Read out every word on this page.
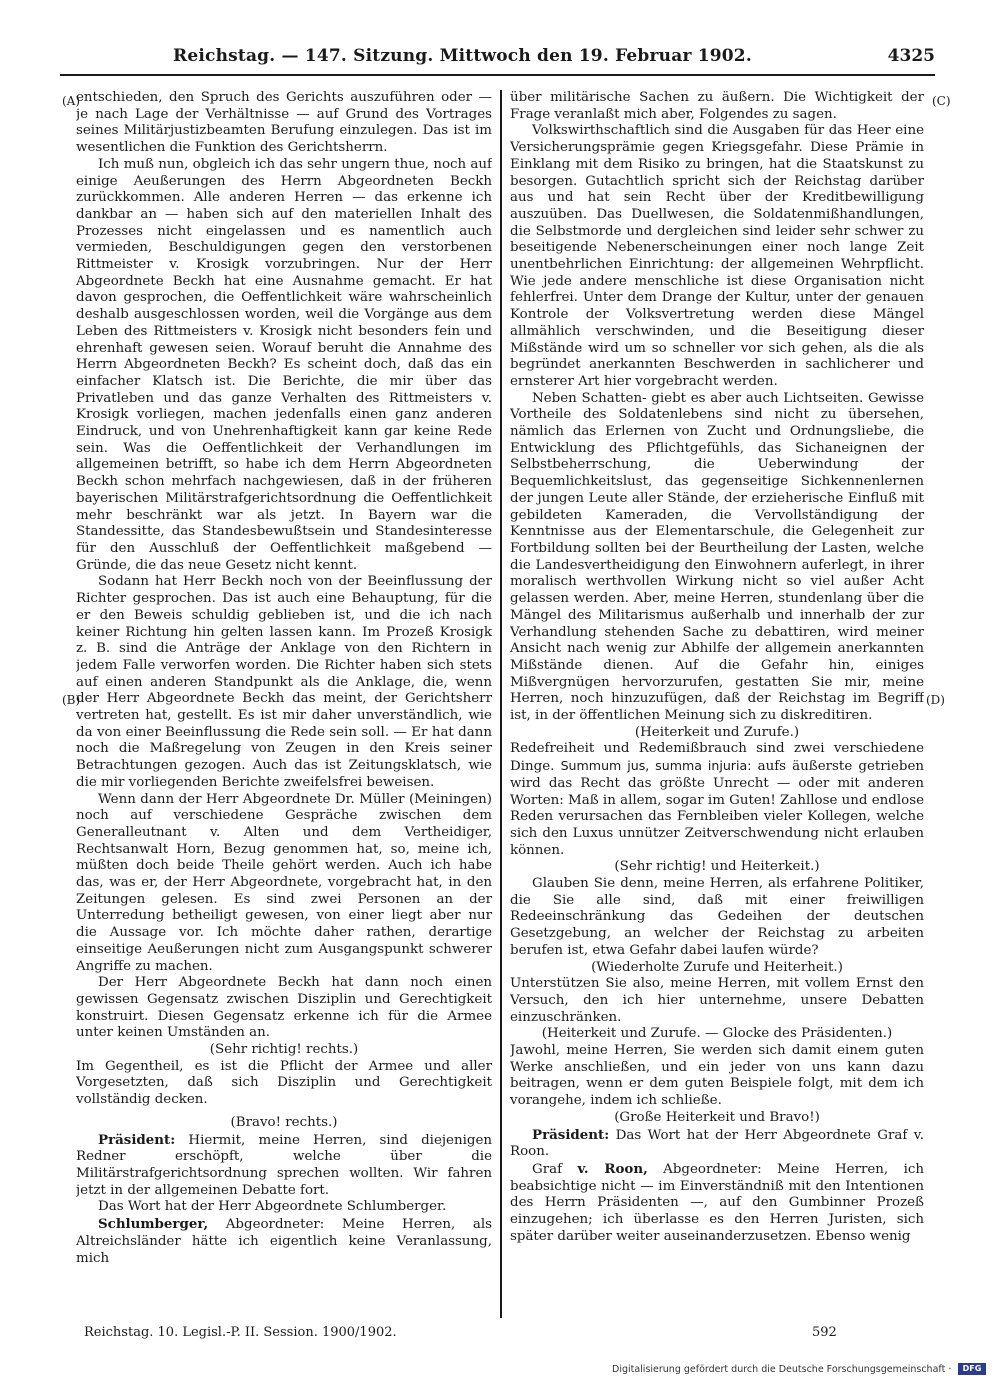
Reichstag. — 147. Sitzung. Mittwoch den 19. Februar 1902.	4325
(A)
(B)
(C)
(D)

entschieden, den Spruch des Gerichts auszuführen oder — je nach Lage der Verhältnisse — auf Grund des Vortrages seines Militärjustizbeamten Berufung einzulegen. Das ist im wesentlichen die Funktion des Gerichtsherrn.

Ich muß nun, obgleich ich das sehr ungern thue, noch auf einige Aeußerungen des Herrn Abgeordneten Beckh zurückkommen. Alle anderen Herren — das erkenne ich dankbar an — haben sich auf den materiellen Inhalt des Prozesses nicht eingelassen und es namentlich auch vermieden, Beschuldigungen gegen den verstorbenen Rittmeister v. Krosigk vorzubringen. Nur der Herr Abgeordnete Beckh hat eine Ausnahme gemacht. Er hat davon gesprochen, die Oeffentlichkeit wäre wahrscheinlich deshalb ausgeschlossen worden, weil die Vorgänge aus dem Leben des Rittmeisters v. Krosigk nicht besonders fein und ehrenhaft gewesen seien. Worauf beruht die Annahme des Herrn Abgeordneten Beckh? Es scheint doch, daß das ein einfacher Klatsch ist. Die Berichte, die mir über das Privatleben und das ganze Verhalten des Rittmeisters v. Krosigk vorliegen, machen jedenfalls einen ganz anderen Eindruck, und von Unehrenhaftigkeit kann gar keine Rede sein. Was die Oeffentlichkeit der Verhandlungen im allgemeinen betrifft, so habe ich dem Herrn Abgeordneten Beckh schon mehrfach nachgewiesen, daß in der früheren bayerischen Militärstrafgerichtsordnung die Oeffentlichkeit mehr beschränkt war als jetzt. In Bayern war die Standessitte, das Standesbewußtsein und Standesinteresse für den Ausschluß der Oeffentlichkeit maßgebend — Gründe, die das neue Gesetz nicht kennt.

Sodann hat Herr Beckh noch von der Beeinflussung der Richter gesprochen. Das ist auch eine Behauptung, für die er den Beweis schuldig geblieben ist, und die ich nach keiner Richtung hin gelten lassen kann. Im Prozeß Krosigk z. B. sind die Anträge der Anklage von den Richtern in jedem Falle verworfen worden. Die Richter haben sich stets auf einen anderen Standpunkt als die Anklage, die, wenn der Herr Abgeordnete Beckh das meint, der Gerichtsherr vertreten hat, gestellt. Es ist mir daher unverständlich, wie da von einer Beeinflussung die Rede sein soll. — Er hat dann noch die Maßregelung von Zeugen in den Kreis seiner Betrachtungen gezogen. Auch das ist Zeitungsklatsch, wie die mir vorliegenden Berichte zweifelsfrei beweisen.

Wenn dann der Herr Abgeordnete Dr. Müller (Meiningen) noch auf verschiedene Gespräche zwischen dem Generalleutnant v. Alten und dem Vertheidiger, Rechtsanwalt Horn, Bezug genommen hat, so, meine ich, müßten doch beide Theile gehört werden. Auch ich habe das, was er, der Herr Abgeordnete, vorgebracht hat, in den Zeitungen gelesen. Es sind zwei Personen an der Unterredung betheiligt gewesen, von einer liegt aber nur die Aussage vor. Ich möchte daher rathen, derartige einseitige Aeußerungen nicht zum Ausgangspunkt schwerer Angriffe zu machen.

Der Herr Abgeordnete Beckh hat dann noch einen gewissen Gegensatz zwischen Disziplin und Gerechtigkeit konstruirt. Diesen Gegensatz erkenne ich für die Armee unter keinen Umständen an.

(Sehr richtig! rechts.)

Im Gegentheil, es ist die Pflicht der Armee und aller Vorgesetzten, daß sich Disziplin und Gerechtigkeit vollständig decken.

(Bravo! rechts.)

Präsident: Hiermit, meine Herren, sind diejenigen Redner erschöpft, welche über die Militärstrafgerichtsordnung sprechen wollten. Wir fahren jetzt in der allgemeinen Debatte fort.

Das Wort hat der Herr Abgeordnete Schlumberger.

Schlumberger, Abgeordneter: Meine Herren, als Altreichsländer hätte ich eigentlich keine Veranlassung, mich

über militärische Sachen zu äußern. Die Wichtigkeit der Frage veranlaßt mich aber, Folgendes zu sagen.

Volkswirthschaftlich sind die Ausgaben für das Heer eine Versicherungsprämie gegen Kriegsgefahr. Diese Prämie in Einklang mit dem Risiko zu bringen, hat die Staatskunst zu besorgen. Gutachtlich spricht sich der Reichstag darüber aus und hat sein Recht über der Kreditbewilligung auszuüben. Das Duellwesen, die Soldatenmißhandlungen, die Selbstmorde und dergleichen sind leider sehr schwer zu beseitigende Nebenerscheinungen einer noch lange Zeit unentbehrlichen Einrichtung: der allgemeinen Wehrpflicht. Wie jede andere menschliche ist diese Organisation nicht fehlerfrei. Unter dem Drange der Kultur, unter der genauen Kontrole der Volksvertretung werden diese Mängel allmählich verschwinden, und die Beseitigung dieser Mißstände wird um so schneller vor sich gehen, als die als begründet anerkannten Beschwerden in sachlicherer und ernsterer Art hier vorgebracht werden.

Neben Schatten- giebt es aber auch Lichtseiten. Gewisse Vortheile des Soldatenlebens sind nicht zu übersehen, nämlich das Erlernen von Zucht und Ordnungsliebe, die Entwicklung des Pflichtgefühls, das Sichaneignen der Selbstbeherrschung, die Ueberwindung der Bequemlichkeitslust, das gegenseitige Sichkennenlernen der jungen Leute aller Stände, der erzieherische Einfluß mit gebildeten Kameraden, die Vervollständigung der Kenntnisse aus der Elementarschule, die Gelegenheit zur Fortbildung sollten bei der Beurtheilung der Lasten, welche die Landesvertheidigung den Einwohnern auferlegt, in ihrer moralisch werthvollen Wirkung nicht so viel außer Acht gelassen werden. Aber, meine Herren, stundenlang über die Mängel des Militarismus außerhalb und innerhalb der zur Verhandlung stehenden Sache zu debattiren, wird meiner Ansicht nach wenig zur Abhilfe der allgemein anerkannten Mißstände dienen. Auf die Gefahr hin, einiges Mißvergnügen hervorzurufen, gestatten Sie mir, meine Herren, noch hinzuzufügen, daß der Reichstag im Begriff ist, in der öffentlichen Meinung sich zu diskreditiren.

(Heiterkeit und Zurufe.)

Redefreiheit und Redemißbrauch sind zwei verschiedene Dinge. Summum jus, summa injuria: aufs äußerste getrieben wird das Recht das größte Unrecht — oder mit anderen Worten: Maß in allem, sogar im Guten! Zahllose und endlose Reden verursachen das Fernbleiben vieler Kollegen, welche sich den Luxus unnützer Zeitverschwendung nicht erlauben können.

(Sehr richtig! und Heiterkeit.)

Glauben Sie denn, meine Herren, als erfahrene Politiker, die Sie alle sind, daß mit einer freiwilligen Redeeinschränkung das Gedeihen der deutschen Gesetzgebung, an welcher der Reichstag zu arbeiten berufen ist, etwa Gefahr dabei laufen würde?

(Wiederholte Zurufe und Heiterheit.)

Unterstützen Sie also, meine Herren, mit vollem Ernst den Versuch, den ich hier unternehme, unsere Debatten einzuschränken.

(Heiterkeit und Zurufe. — Glocke des Präsidenten.)

Jawohl, meine Herren, Sie werden sich damit einem guten Werke anschließen, und ein jeder von uns kann dazu beitragen, wenn er dem guten Beispiele folgt, mit dem ich vorangehe, indem ich schließe.

(Große Heiterkeit und Bravo!)

Präsident: Das Wort hat der Herr Abgeordnete Graf v. Roon.

Graf v. Roon, Abgeordneter: Meine Herren, ich beabsichtige nicht — im Einverständniß mit den Intentionen des Herrn Präsidenten —, auf den Gumbinner Prozeß einzugehen; ich überlasse es den Herren Juristen, sich später darüber weiter auseinanderzusetzen. Ebenso wenig

Reichstag. 10. Legisl.-P. II. Session. 1900/1902.	592
Digitalisierung gefördert durch die Deutsche Forschungsgemeinschaft ·	DFG
